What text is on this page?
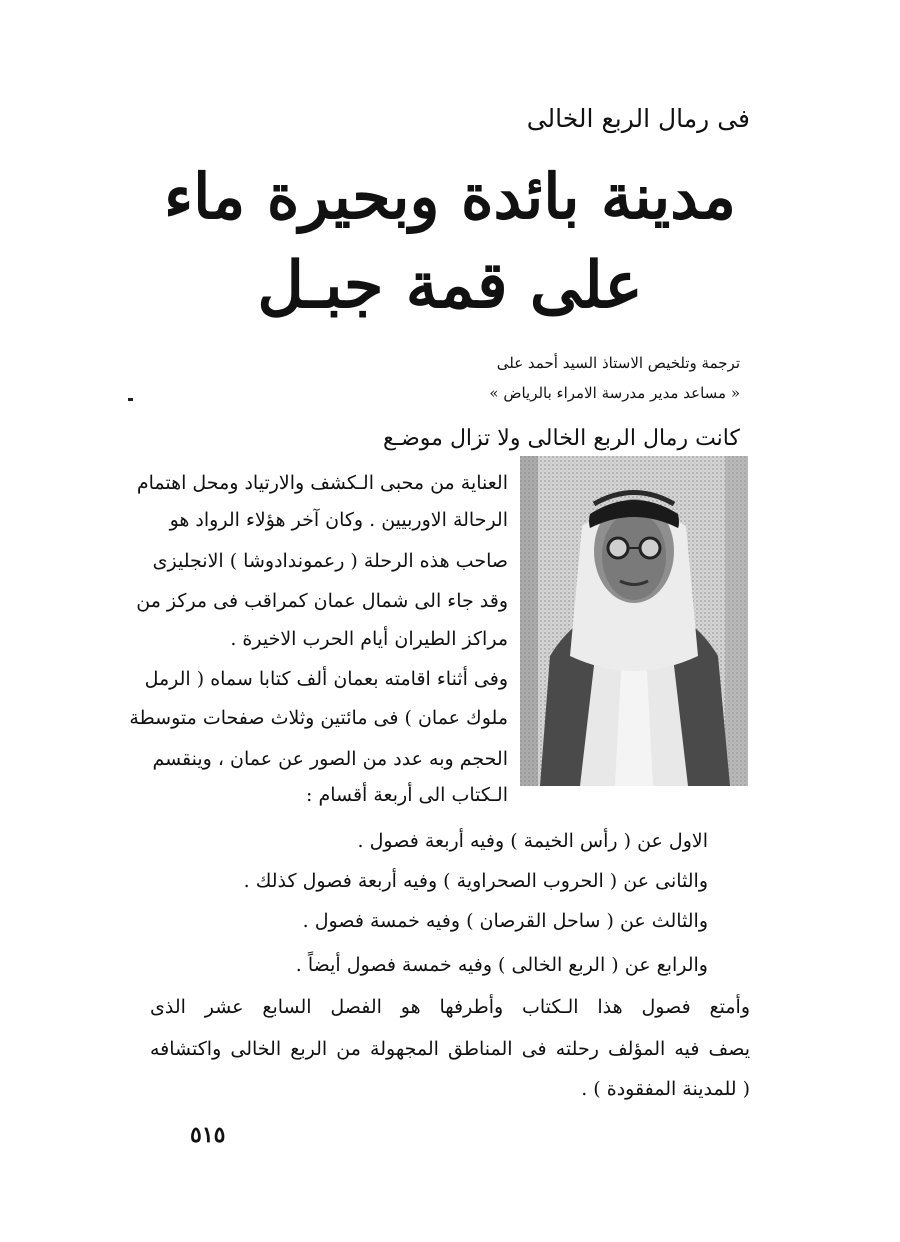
فى رمال الربع الخالى
مدينة بائدة وبحيرة ماء
على قمة جبـل
ترجمة وتلخيص الاستاذ السيد أحمد على
« مساعد مدير مدرسة الامراء بالرياض »
كانت رمال الربع الخالى ولا تزال موضـع
العناية من محبى الـكشف والارتياد ومحل اهتمام
الرحالة الاوربيين . وكان آخر هؤلاء الرواد هو
صاحب هذه الرحلة ( رعموندادوشا ) الانجليزى
وقد جاء الى شمال عمان كمراقب فى مركز من
مراكز الطيران أيام الحرب الاخيرة .
وفى أثناء اقامته بعمان ألف كتابا سماه ( الرمل
ملوك عمان ) فى مائتين وثلاث صفحات متوسطة
الحجم وبه عدد من الصور عن عمان ، وينقسم
الـكتاب الى أربعة أقسام :
الاول عن ( رأس الخيمة ) وفيه أربعة فصول .
والثانى عن ( الحروب الصحراوية ) وفيه أربعة فصول كذلك .
والثالث عن ( ساحل القرصان ) وفيه خمسة فصول .
والرابع عن ( الربع الخالى ) وفيه خمسة فصول أيضاً .
وأمتع فصول هذا الـكتاب وأطرفها هو الفصل السابع عشر الذى
يصف فيه المؤلف رحلته فى المناطق المجهولة من الربع الخالى واكتشافه
( للمدينة المفقودة ) .
٥١٥
